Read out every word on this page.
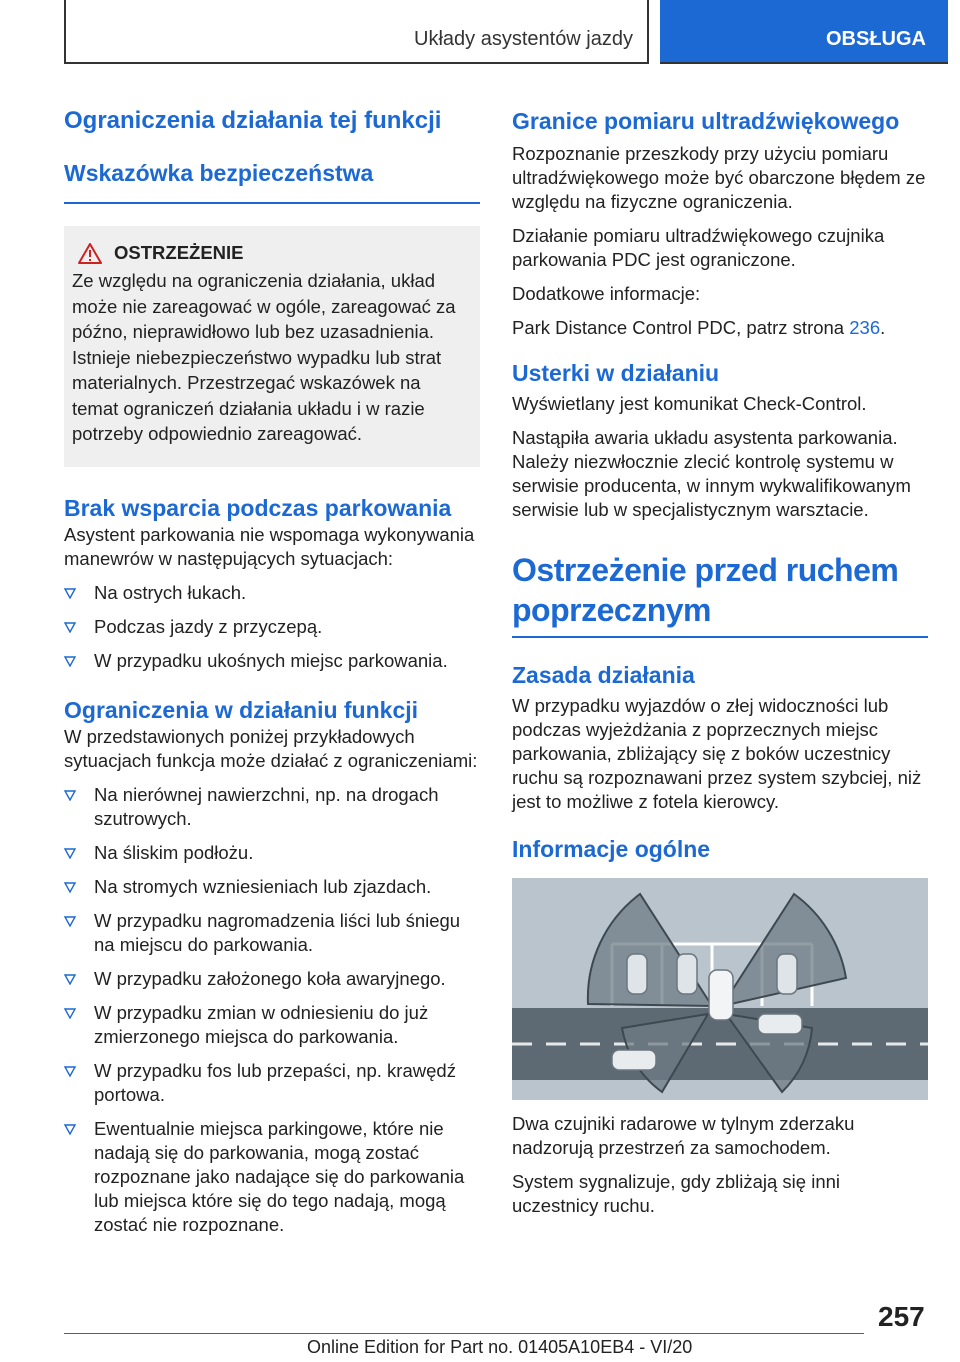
Układy asystentów jazdy	OBSŁUGA
Ograniczenia działania tej funkcji
Wskazówka bezpieczeństwa
OSTRZEŻENIE
Ze względu na ograniczenia działania, układ może nie zareagować w ogóle, zareagować za późno, nieprawidłowo lub bez uzasadnienia. Istnieje niebezpieczeństwo wypadku lub strat materialnych. Przestrzegać wskazówek na temat ograniczeń działania układu i w razie potrzeby odpowiednio zareagować.
Brak wsparcia podczas parkowania
Asystent parkowania nie wspomaga wykonywania manewrów w następujących sytuacjach:
Na ostrych łukach.
Podczas jazdy z przyczepą.
W przypadku ukośnych miejsc parkowania.
Ograniczenia w działaniu funkcji
W przedstawionych poniżej przykładowych sytuacjach funkcja może działać z ograniczeniami:
Na nierównej nawierzchni, np. na drogach szutrowych.
Na śliskim podłożu.
Na stromych wzniesieniach lub zjazdach.
W przypadku nagromadzenia liści lub śniegu na miejscu do parkowania.
W przypadku założonego koła awaryjnego.
W przypadku zmian w odniesieniu do już zmierzonego miejsca do parkowania.
W przypadku fos lub przepaści, np. krawędź portowa.
Ewentualnie miejsca parkingowe, które nie nadają się do parkowania, mogą zostać rozpoznane jako nadające się do parkowania lub miejsca które się do tego nadają, mogą zostać nie rozpoznane.
Granice pomiaru ultradźwiękowego
Rozpoznanie przeszkody przy użyciu pomiaru ultradźwiękowego może być obarczone błędem ze względu na fizyczne ograniczenia.
Działanie pomiaru ultradźwiękowego czujnika parkowania PDC jest ograniczone.
Dodatkowe informacje:
Park Distance Control PDC, patrz strona 236.
Usterki w działaniu
Wyświetlany jest komunikat Check-Control.
Nastąpiła awaria układu asystenta parkowania. Należy niezwłocznie zlecić kontrolę systemu w serwisie producenta, w innym wykwalifikowanym serwisie lub w specjalistycznym warsztacie.
Ostrzeżenie przed ruchem poprzecznym
Zasada działania
W przypadku wyjazdów o złej widoczności lub podczas wyjeżdżania z poprzecznych miejsc parkowania, zbliżający się z boków uczestnicy ruchu są rozpoznawani przez system szybciej, niż jest to możliwe z fotela kierowcy.
Informacje ogólne
Dwa czujniki radarowe w tylnym zderzaku nadzorują przestrzeń za samochodem.
System sygnalizuje, gdy zbliżają się inni uczestnicy ruchu.
257
Online Edition for Part no. 01405A10EB4 - VI/20
